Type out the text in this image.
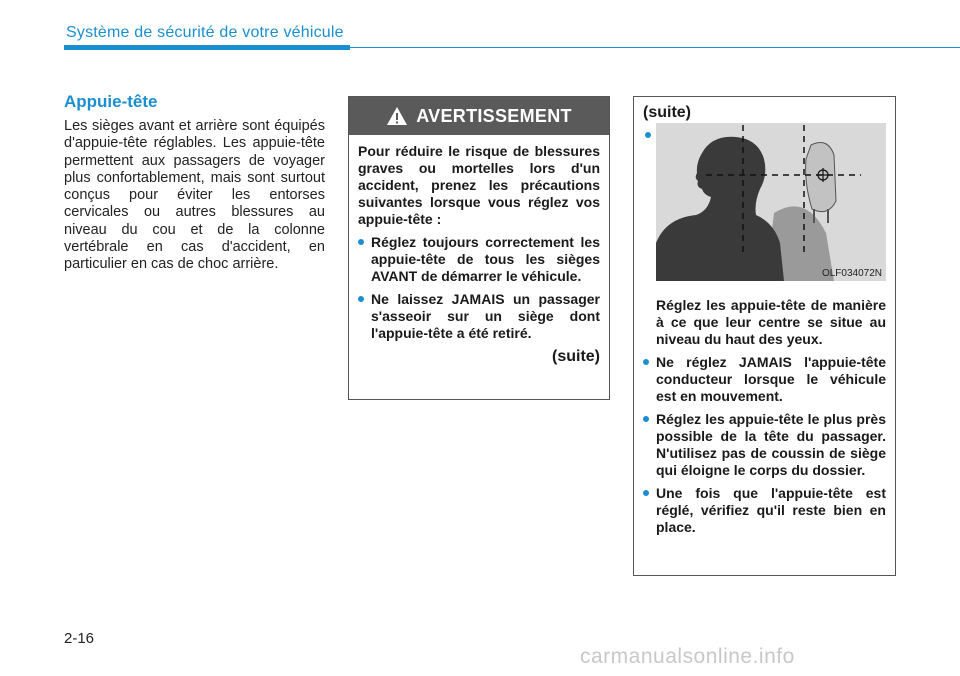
Système de sécurité de votre véhicule
Appuie-tête
Les sièges avant et arrière sont équipés d'appuie-tête réglables. Les appuie-tête permettent aux passagers de voyager plus confortablement, mais sont surtout conçus pour éviter les entorses cervicales ou autres blessures au niveau du cou et de la colonne vertébrale en cas d'accident, en particulier en cas de choc arrière.
AVERTISSEMENT

Pour réduire le risque de blessures graves ou mortelles lors d'un accident, prenez les précautions suivantes lorsque vous réglez vos appuie-tête :

Réglez toujours correctement les appuie-tête de tous les sièges AVANT de démarrer le véhicule.
Ne laissez JAMAIS un passager s'asseoir sur un siège dont l'appuie-tête a été retiré.
(suite)
(suite)
OLF034072N

Réglez les appuie-tête de manière à ce que leur centre se situe au niveau du haut des yeux.

Ne réglez JAMAIS l'appuie-tête conducteur lorsque le véhicule est en mouvement.
Réglez les appuie-tête le plus près possible de la tête du passager. N'utilisez pas de coussin de siège qui éloigne le corps du dossier.
Une fois que l'appuie-tête est réglé, vérifiez qu'il reste bien en place.
2-16
carmanualsonline.info
